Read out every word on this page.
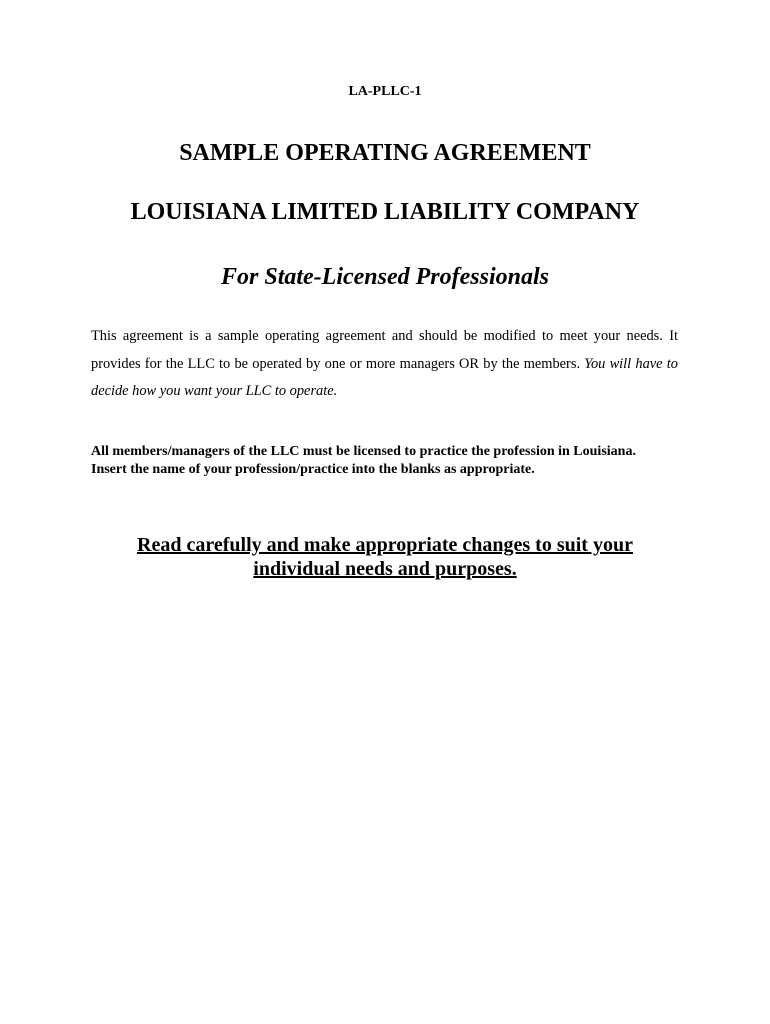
LA-PLLC-1
SAMPLE OPERATING AGREEMENT
LOUISIANA LIMITED LIABILITY COMPANY
For State-Licensed Professionals

This agreement is a sample operating agreement and should be modified to meet your needs. It provides for the LLC to be operated by one or more managers OR by the members. You will have to decide how you want your LLC to operate.

All members/managers of the LLC must be licensed to practice the profession in Louisiana.
Insert the name of your profession/practice into the blanks as appropriate.

Read carefully and make appropriate changes to suit your
individual needs and purposes.
